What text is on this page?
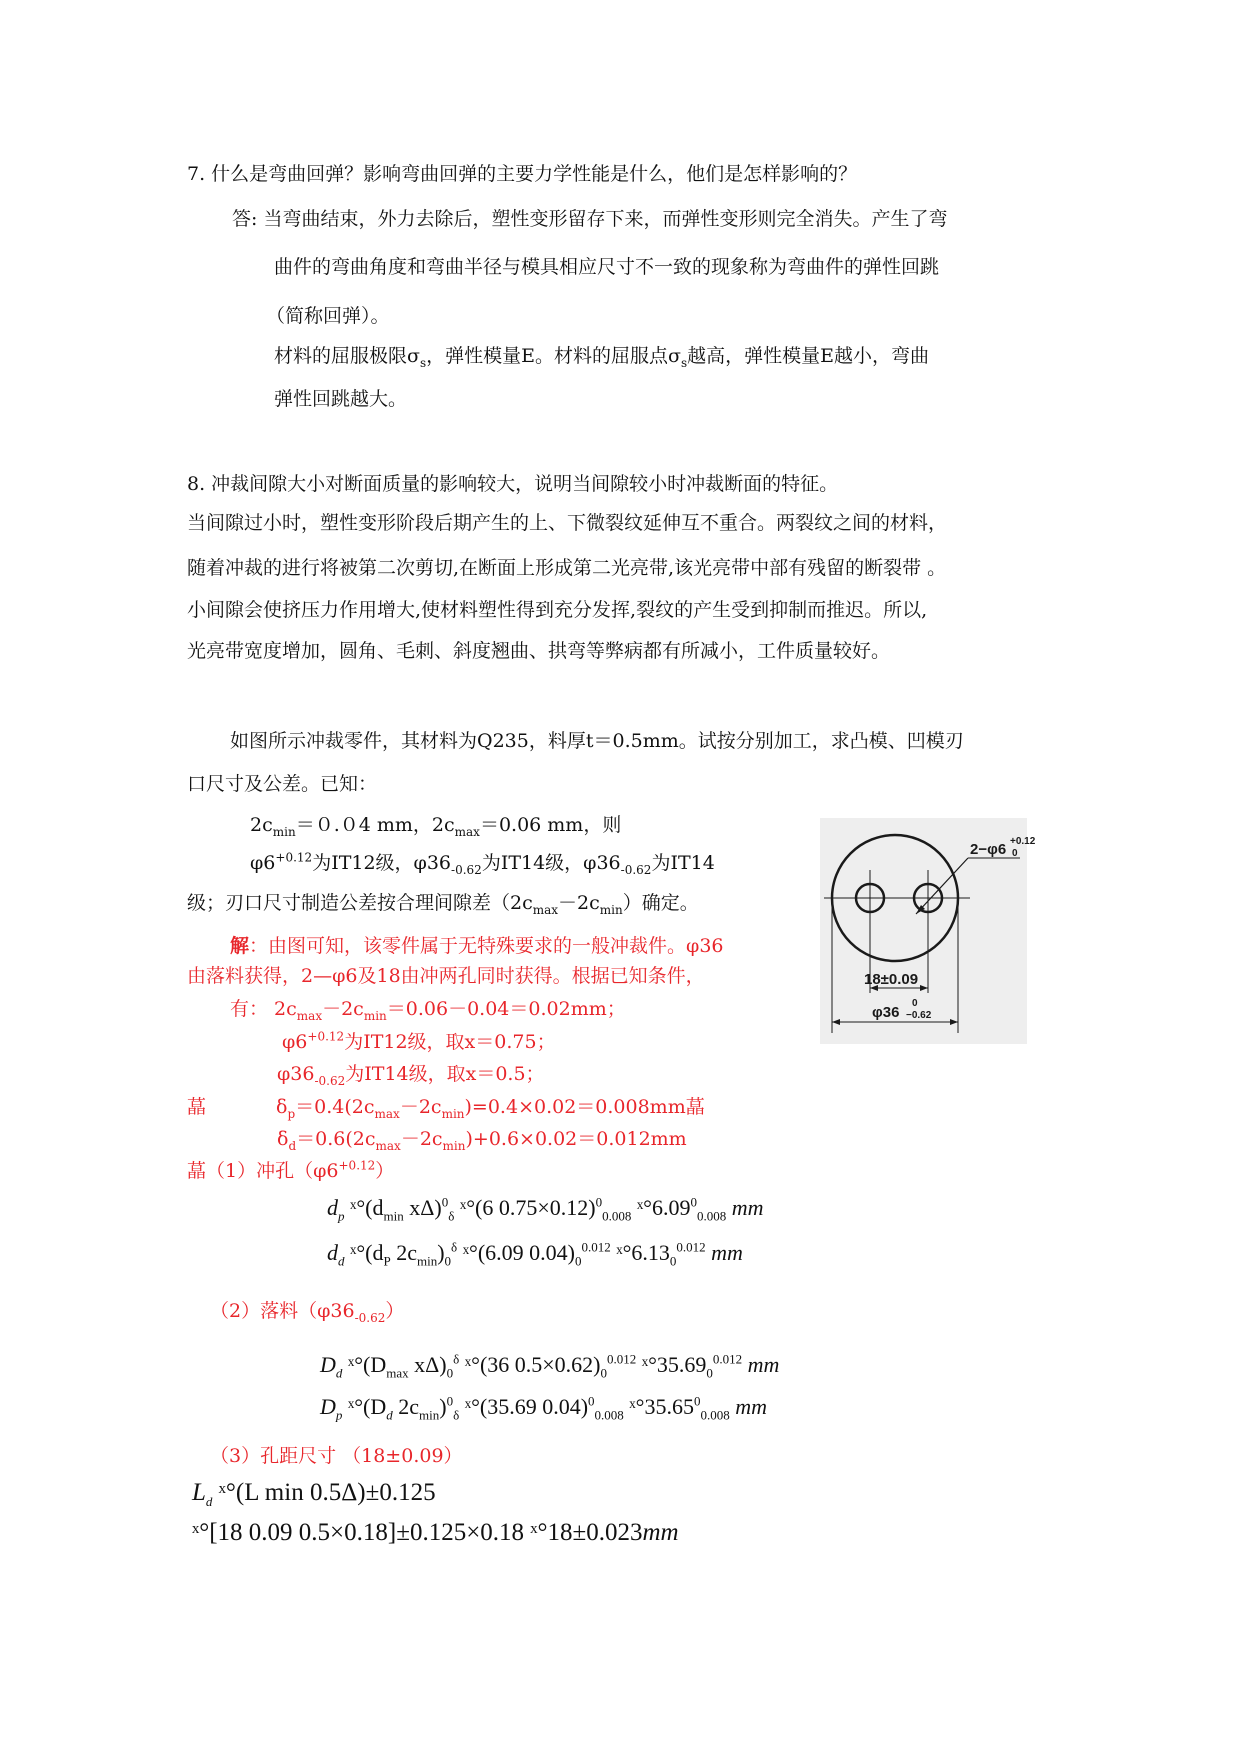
7. 什么是弯曲回弹？影响弯曲回弹的主要力学性能是什么，他们是怎样影响的？
答: 当弯曲结束，外力去除后，塑性变形留存下来，而弹性变形则完全消失。产生了弯
曲件的弯曲角度和弯曲半径与模具相应尺寸不一致的现象称为弯曲件的弹性回跳
（简称回弹）。
材料的屈服极限$\sigma_s$，弹性模量E。材料的屈服点$\sigma_s$越高，弹性模量E越小，弯曲
弹性回跳越大。
8. 冲裁间隙大小对断面质量的影响较大，说明当间隙较小时冲裁断面的特征。
当间隙过小时，塑性变形阶段后期产生的上、下微裂纹延伸互不重合。两裂纹之间的材料，
随着冲裁的进行将被第二次剪切,在断面上形成第二光亮带,该光亮带中部有残留的断裂带 。
小间隙会使挤压力作用增大,使材料塑性得到充分发挥,裂纹的产生受到抑制而推迟。所以,
光亮带宽度增加，圆角、毛刺、斜度翘曲、拱弯等弊病都有所减小，工件质量较好。
如图所示冲裁零件，其材料为Q235，料厚t＝0.5mm。试按分别加工，求凸模、凹模刃
口尺寸及公差。已知：
$2c_{min}=0.04$ mm，$2c_{max}=0.06$ mm，则
$\varphi 6^{+0.12}$为IT12级，$\varphi 36_{-0.62}$为IT14级，$\varphi 36_{-0.62}$为IT14
级；刃口尺寸制造公差按合理间隙差$(2c_{max}-2c_{min})$确定。
2−φ6 +0.12
0
18±0.09
φ36
0
−0.62
解：由图可知，该零件属于无特殊要求的一般冲裁件。φ36
由落料获得，2—φ6及18由冲两孔同时获得。根据已知条件，
有： $2c_{max}-2c_{min}=0.06-0.04=0.02mm$；
$\varphi 6^{+0.12}$为IT12级，取x＝0.75；
$\varphi 36_{-0.62}$为IT14级，取x＝0.5；
蕌	$\delta_p=0.4(2c_{max}-2c_{min})=0.4\times 0.02=0.008mm$蕌
$\delta_d=0.6(2c_{max}-2c_{min})+0.6\times 0.02=0.012mm$
蕌（1）冲孔$(\varphi 6^{+0.12})$
$d_p$ $ˣ^\circ(d_{min}$ xΔ)$^0_\delta$ ˣ°(6 0.75×0.12)$^0_{0.008}$ $ˣ^\circ 6.09^0_{0.008}$ mm
$d_d$ $ˣ^\circ(d_P$ $2c_{min})_0^\delta$ ˣ°(6.09 $0.04)_0^{0.012}$ $ˣ^\circ 6.13_0^{0.012}$ mm
（2）落料$(\varphi 36_{-0.62})$
$D_d$ $ˣ^\circ(D_{max}$ $x\Delta)_0^\delta$ ˣ°(36 $0.5\times 0.62)_0^{0.012}$ $ˣ^\circ 35.69_0^{0.012}$ mm
$D_p$ $ˣ^\circ(D_d$ $2c_{min})^0_\delta$ ˣ°(35.69 0.04)$^0_{0.008}$ $ˣ^\circ 35.65^0_{0.008}$ mm
（3）孔距尺寸 （18±0.09）
$L_d$ ˣ°(L min 0.5Δ)±0.125
ˣ°[18 0.09 0.5×0.18]±0.125×0.18 ˣ°18±0.023mm
